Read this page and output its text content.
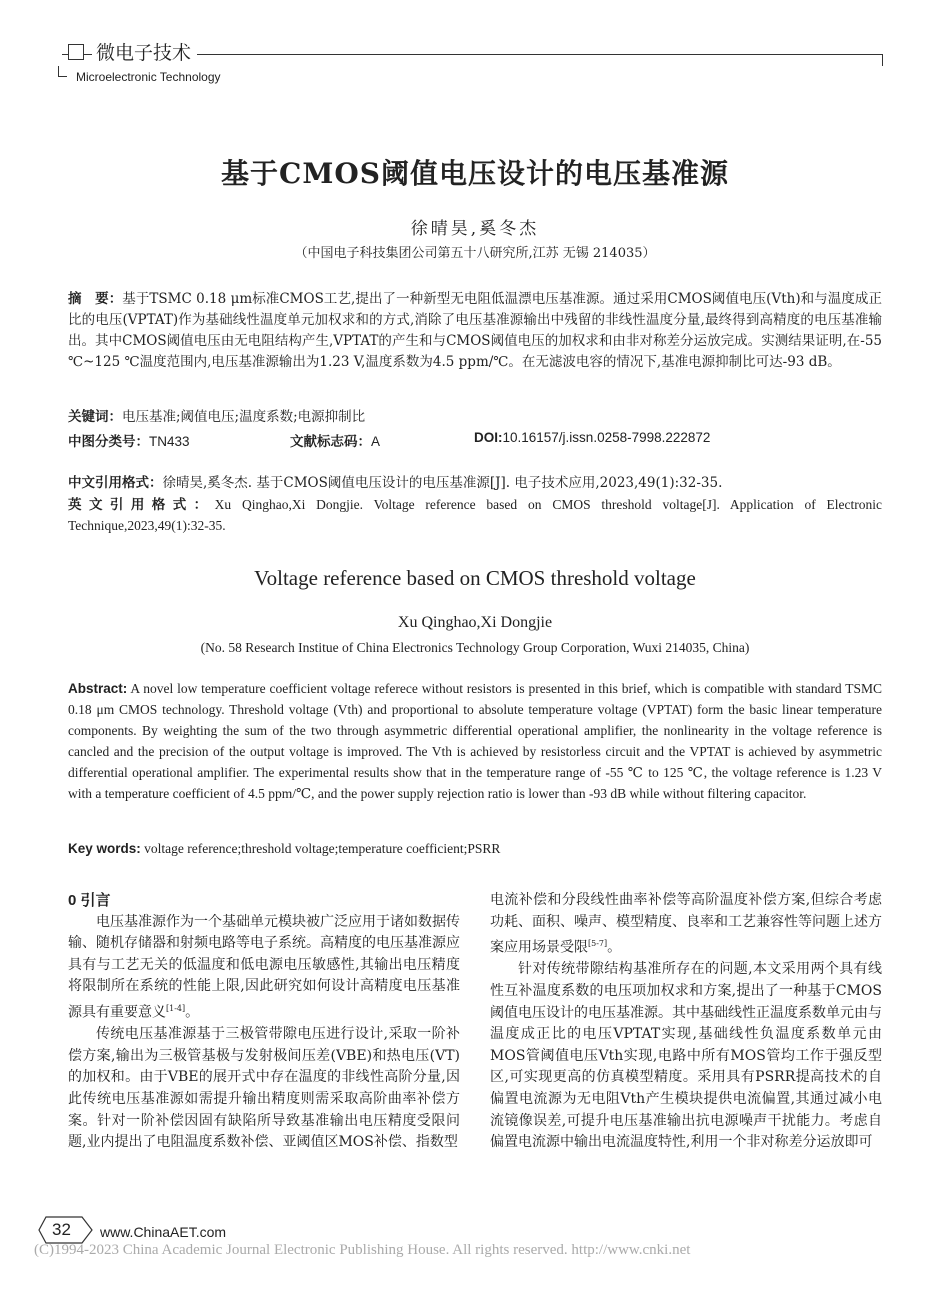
微电子技术
Microelectronic Technology
基于CMOS阈值电压设计的电压基准源
徐晴昊,奚冬杰
（中国电子科技集团公司第五十八研究所,江苏 无锡 214035）
摘　要：基于TSMC 0.18 μm标准CMOS工艺,提出了一种新型无电阻低温漂电压基准源。通过采用CMOS阈值电压(Vth)和与温度成正比的电压(VPTAT)作为基础线性温度单元加权求和的方式,消除了电压基准源输出中残留的非线性温度分量,最终得到高精度的电压基准输出。其中CMOS阈值电压由无电阻结构产生,VPTAT的产生和与CMOS阈值电压的加权求和由非对称差分运放完成。实测结果证明,在-55 ℃~125 ℃温度范围内,电压基准源输出为1.23 V,温度系数为4.5 ppm/℃。在无滤波电容的情况下,基准电源抑制比可达-93 dB。
关键词：电压基准;阈值电压;温度系数;电源抑制比
中图分类号：TN433	文献标志码：A	DOI:10.16157/j.issn.0258-7998.222872
中文引用格式：徐晴昊,奚冬杰. 基于CMOS阈值电压设计的电压基准源[J]. 电子技术应用,2023,49(1):32-35.
英文引用格式：Xu Qinghao,Xi Dongjie. Voltage reference based on CMOS threshold voltage[J]. Application of Electronic Technique,2023,49(1):32-35.
Voltage reference based on CMOS threshold voltage
Xu Qinghao,Xi Dongjie
(No. 58 Research Institue of China Electronics Technology Group Corporation, Wuxi 214035, China)
Abstract: A novel low temperature coefficient voltage referece without resistors is presented in this brief, which is compatible with standard TSMC 0.18 μm CMOS technology. Threshold voltage (Vth) and proportional to absolute temperature voltage (VPTAT) form the basic linear temperature components. By weighting the sum of the two through asymmetric differential operational amplifier, the nonlinearity in the voltage reference is cancled and the precision of the output voltage is improved. The Vth is achieved by resistorless circuit and the VPTAT is achieved by asymmetric differential operational amplifier. The experimental results show that in the temperature range of -55 ℃ to 125 ℃, the voltage reference is 1.23 V with a temperature coefficient of 4.5 ppm/℃, and the power supply rejection ratio is lower than -93 dB while without filtering capacitor.
Key words: voltage reference;threshold voltage;temperature coefficient;PSRR
0 引言

电压基准源作为一个基础单元模块被广泛应用于诸如数据传输、随机存储器和射频电路等电子系统。高精度的电压基准源应具有与工艺无关的低温度和低电源电压敏感性,其输出电压精度将限制所在系统的性能上限,因此研究如何设计高精度电压基准源具有重要意义[1-4]。

传统电压基准源基于三极管带隙电压进行设计,采取一阶补偿方案,输出为三极管基极与发射极间压差(VBE)和热电压(VT)的加权和。由于VBE的展开式中存在温度的非线性高阶分量,因此传统电压基准源如需提升输出精度则需采取高阶曲率补偿方案。针对一阶补偿因固有缺陷所导致基准输出电压精度受限问题,业内提出了电阻温度系数补偿、亚阈值区MOS补偿、指数型

电流补偿和分段线性曲率补偿等高阶温度补偿方案,但综合考虑功耗、面积、噪声、模型精度、良率和工艺兼容性等问题上述方案应用场景受限[5-7]。

针对传统带隙结构基准所存在的问题,本文采用两个具有线性互补温度系数的电压项加权求和方案,提出了一种基于CMOS阈值电压设计的电压基准源。其中基础线性正温度系数单元由与温度成正比的电压VPTAT实现,基础线性负温度系数单元由MOS管阈值电压Vth实现,电路中所有MOS管均工作于强反型区,可实现更高的仿真模型精度。采用具有PSRR提高技术的自偏置电流源为无电阻Vth产生模块提供电流偏置,其通过减小电流镜像误差,可提升电压基准输出抗电源噪声干扰能力。考虑自偏置电流源中输出电流温度特性,利用一个非对称差分运放即可

32 www.ChinaAET.com
(C)1994-2023 China Academic Journal Electronic Publishing House. All rights reserved. http://www.cnki.net
